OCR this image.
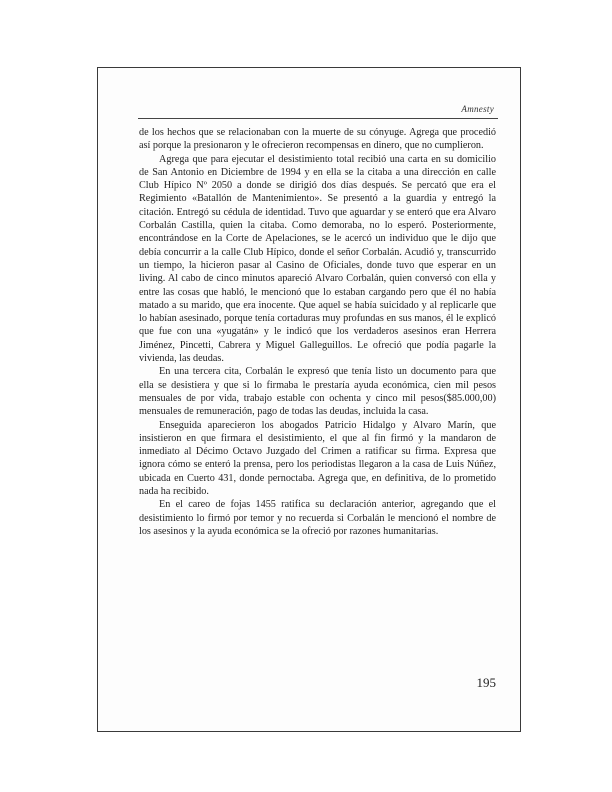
Amnesty

de los hechos que se relacionaban con la muerte de su cónyuge. Agrega que procedió así porque la presionaron y le ofrecieron recompensas en dinero, que no cumplieron.

Agrega que para ejecutar el desistimiento total recibió una carta en su domicilio de San Antonio en Diciembre de 1994 y en ella se la citaba a una dirección en calle Club Hípico Nº 2050 a donde se dirigió dos días después. Se percató que era el Regimiento «Batallón de Mantenimiento». Se presentó a la guardia y entregó la citación. Entregó su cédula de identidad. Tuvo que aguardar y se enteró que era Alvaro Corbalán Castilla, quien la citaba. Como demoraba, no lo esperó. Posteriormente, encontrándose en la Corte de Apelaciones, se le acercó un individuo que le dijo que debía concurrir a la calle Club Hípico, donde el señor Corbalán. Acudió y, transcurrido un tiempo, la hicieron pasar al Casino de Oficiales, donde tuvo que esperar en un living. Al cabo de cinco minutos apareció Alvaro Corbalán, quien conversó con ella y entre las cosas que habló, le mencionó que lo estaban cargando pero que él no había matado a su marido, que era inocente. Que aquel se había suicidado y al replicarle que lo habían asesinado, porque tenía cortaduras muy profundas en sus manos, él le explicó que fue con una «yugatán» y le indicó que los verdaderos asesinos eran Herrera Jiménez, Pincetti, Cabrera y Miguel Galleguillos. Le ofreció que podía pagarle la vivienda, las deudas.

En una tercera cita, Corbalán le expresó que tenía listo un documento para que ella se desistiera y que si lo firmaba le prestaría ayuda económica, cien mil pesos mensuales de por vida, trabajo estable con ochenta y cinco mil pesos($85.000,00) mensuales de remuneración, pago de todas las deudas, incluida la casa.

Enseguida aparecieron los abogados Patricio Hidalgo y Alvaro Marín, que insistieron en que firmara el desistimiento, el que al fin firmó y la mandaron de inmediato al Décimo Octavo Juzgado del Crimen a ratificar su firma. Expresa que ignora cómo se enteró la prensa, pero los periodistas llegaron a la casa de Luis Núñez, ubicada en Cuerto 431, donde pernoctaba. Agrega que, en definitiva, de lo prometido nada ha recibido.

En el careo de fojas 1455 ratifica su declaración anterior, agregando que el desistimiento lo firmó por temor y no recuerda si Corbalán le mencionó el nombre de los asesinos y la ayuda económica se la ofreció por razones humanitarias.

195
